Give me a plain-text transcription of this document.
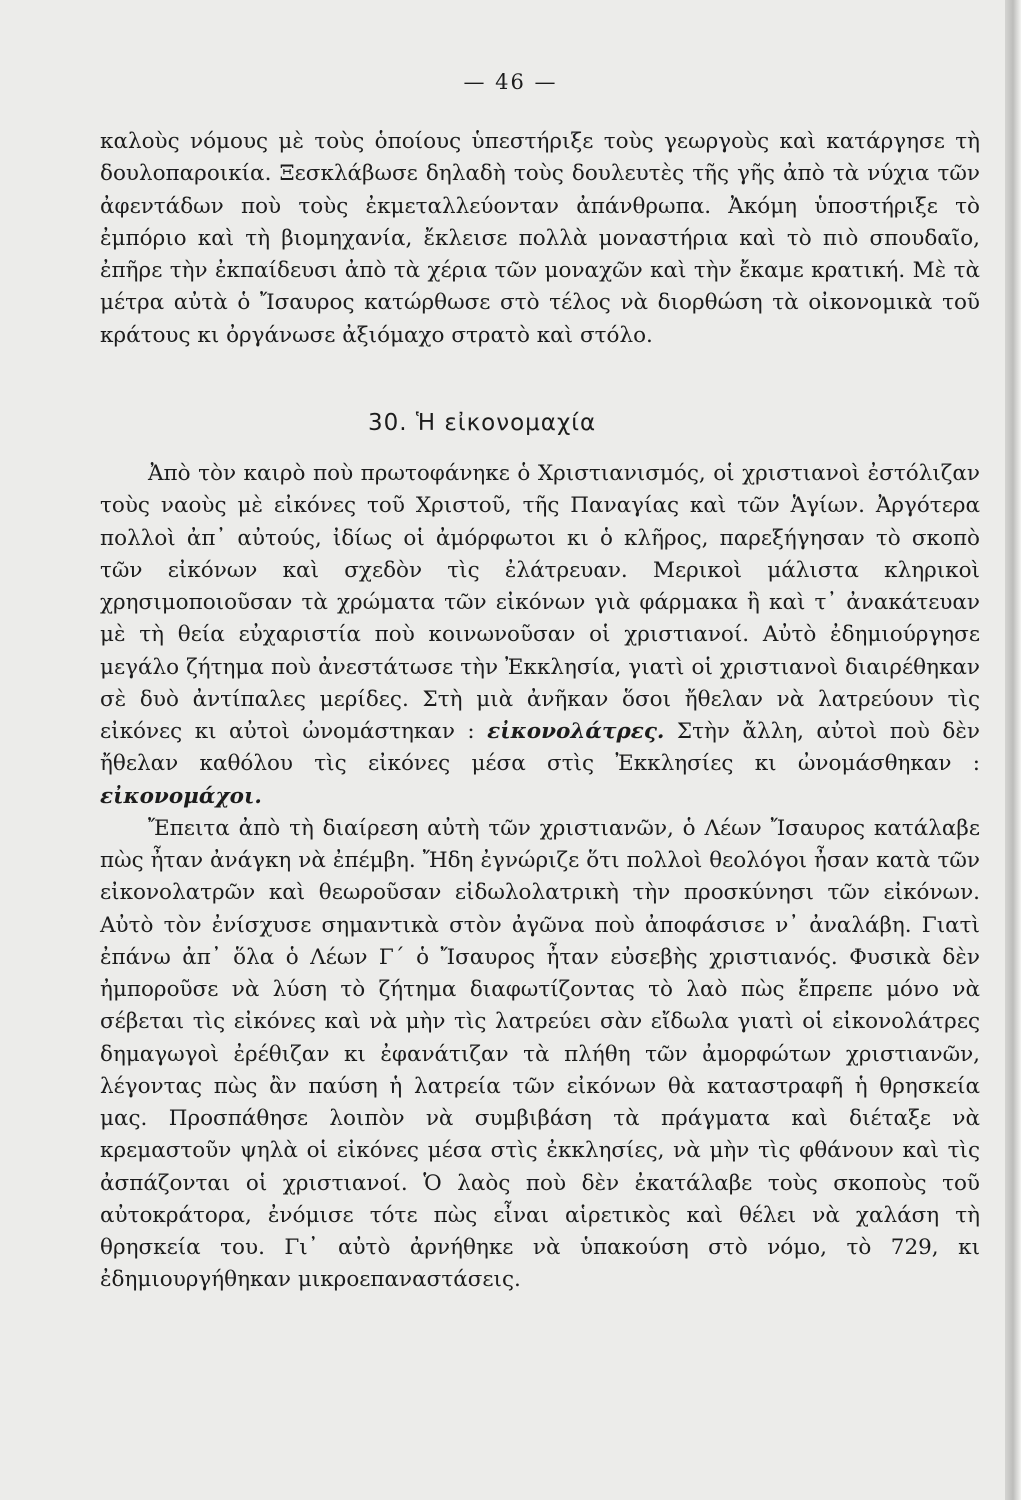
— 46 —

καλοὺς νόμους μὲ τοὺς ὁποίους ὑπεστήριξε τοὺς γεωργοὺς καὶ κατάργησε τὴ δουλοπαροικία. Ξεσκλάβωσε δηλαδὴ τοὺς δουλευτὲς τῆς γῆς ἀπὸ τὰ νύχια τῶν ἀφεντάδων ποὺ τοὺς ἐκμεταλλεύονταν ἀπάνθρωπα. Ἀκόμη ὑποστήριξε τὸ ἐμπόριο καὶ τὴ βιομηχανία, ἔκλεισε πολλὰ μοναστήρια καὶ τὸ πιὸ σπουδαῖο, ἐπῆρε τὴν ἐκπαίδευσι ἀπὸ τὰ χέρια τῶν μοναχῶν καὶ τὴν ἔκαμε κρατική. Μὲ τὰ μέτρα αὐτὰ ὁ Ἴσαυρος κατώρθωσε στὸ τέλος νὰ διορθώση τὰ οἰκονομικὰ τοῦ κράτους κι ὀργάνωσε ἀξιόμαχο στρατὸ καὶ στόλο.

30. Ἡ εἰκονομαχία

Ἀπὸ τὸν καιρὸ ποὺ πρωτοφάνηκε ὁ Χριστιανισμός, οἱ χριστιανοὶ ἐστόλιζαν τοὺς ναοὺς μὲ εἰκόνες τοῦ Χριστοῦ, τῆς Παναγίας καὶ τῶν Ἁγίων. Ἀργότερα πολλοὶ ἀπ᾿ αὐτούς, ἰδίως οἱ ἀμόρφωτοι κι ὁ κλῆρος, παρεξήγησαν τὸ σκοπὸ τῶν εἰκόνων καὶ σχεδὸν τὶς ἐλάτρευαν. Μερικοὶ μάλιστα κληρικοὶ χρησιμοποιοῦσαν τὰ χρώματα τῶν εἰκόνων γιὰ φάρμακα ἢ καὶ τ᾿ ἀνακάτευαν μὲ τὴ θεία εὐχαριστία ποὺ κοινωνοῦσαν οἱ χριστιανοί. Αὐτὸ ἐδημιούργησε μεγάλο ζήτημα ποὺ ἀνεστάτωσε τὴν Ἐκκλησία, γιατὶ οἱ χριστιανοὶ διαιρέθηκαν σὲ δυὸ ἀντίπαλες μερίδες. Στὴ μιὰ ἀνῆκαν ὅσοι ἤθελαν νὰ λατρεύουν τὶς εἰκόνες κι αὐτοὶ ὠνομάστηκαν : εἰκονολάτρες. Στὴν ἄλλη, αὐτοὶ ποὺ δὲν ἤθελαν καθόλου τὶς εἰκόνες μέσα στὶς Ἐκκλησίες κι ὠνομάσθηκαν : εἰκονομάχοι.

Ἔπειτα ἀπὸ τὴ διαίρεση αὐτὴ τῶν χριστιανῶν, ὁ Λέων Ἴσαυρος κατάλαβε πὼς ἦταν ἀνάγκη νὰ ἐπέμβη. Ἤδη ἐγνώριζε ὅτι πολλοὶ θεολόγοι ἦσαν κατὰ τῶν εἰκονολατρῶν καὶ θεωροῦσαν εἰδωλολατρικὴ τὴν προσκύνησι τῶν εἰκόνων. Αὐτὸ τὸν ἐνίσχυσε σημαντικὰ στὸν ἀγῶνα ποὺ ἀποφάσισε ν᾿ ἀναλάβη. Γιατὶ ἐπάνω ἀπ᾿ ὅλα ὁ Λέων Γ΄ ὁ Ἴσαυρος ἦταν εὐσεβὴς χριστιανός. Φυσικὰ δὲν ἠμποροῦσε νὰ λύση τὸ ζήτημα διαφωτίζοντας τὸ λαὸ πὼς ἔπρεπε μόνο νὰ σέβεται τὶς εἰκόνες καὶ νὰ μὴν τὶς λατρεύει σὰν εἴδωλα γιατὶ οἱ εἰκονολάτρες δημαγωγοὶ ἐρέθιζαν κι ἐφανάτιζαν τὰ πλήθη τῶν ἀμορφώτων χριστιανῶν, λέγοντας πὼς ἂν παύση ἡ λατρεία τῶν εἰκόνων θὰ καταστραφῆ ἡ θρησκεία μας. Προσπάθησε λοιπὸν νὰ συμβιβάση τὰ πράγματα καὶ διέταξε νὰ κρεμαστοῦν ψηλὰ οἱ εἰκόνες μέσα στὶς ἐκκλησίες, νὰ μὴν τὶς φθάνουν καὶ τὶς ἀσπάζονται οἱ χριστιανοί. Ὁ λαὸς ποὺ δὲν ἐκατάλαβε τοὺς σκοποὺς τοῦ αὐτοκράτορα, ἐνόμισε τότε πὼς εἶναι αἱρετικὸς καὶ θέλει νὰ χαλάση τὴ θρησκεία του. Γι᾿ αὐτὸ ἀρνήθηκε νὰ ὑπακούση στὸ νόμο, τὸ 729, κι ἐδημιουργήθηκαν μικροεπαναστάσεις.
